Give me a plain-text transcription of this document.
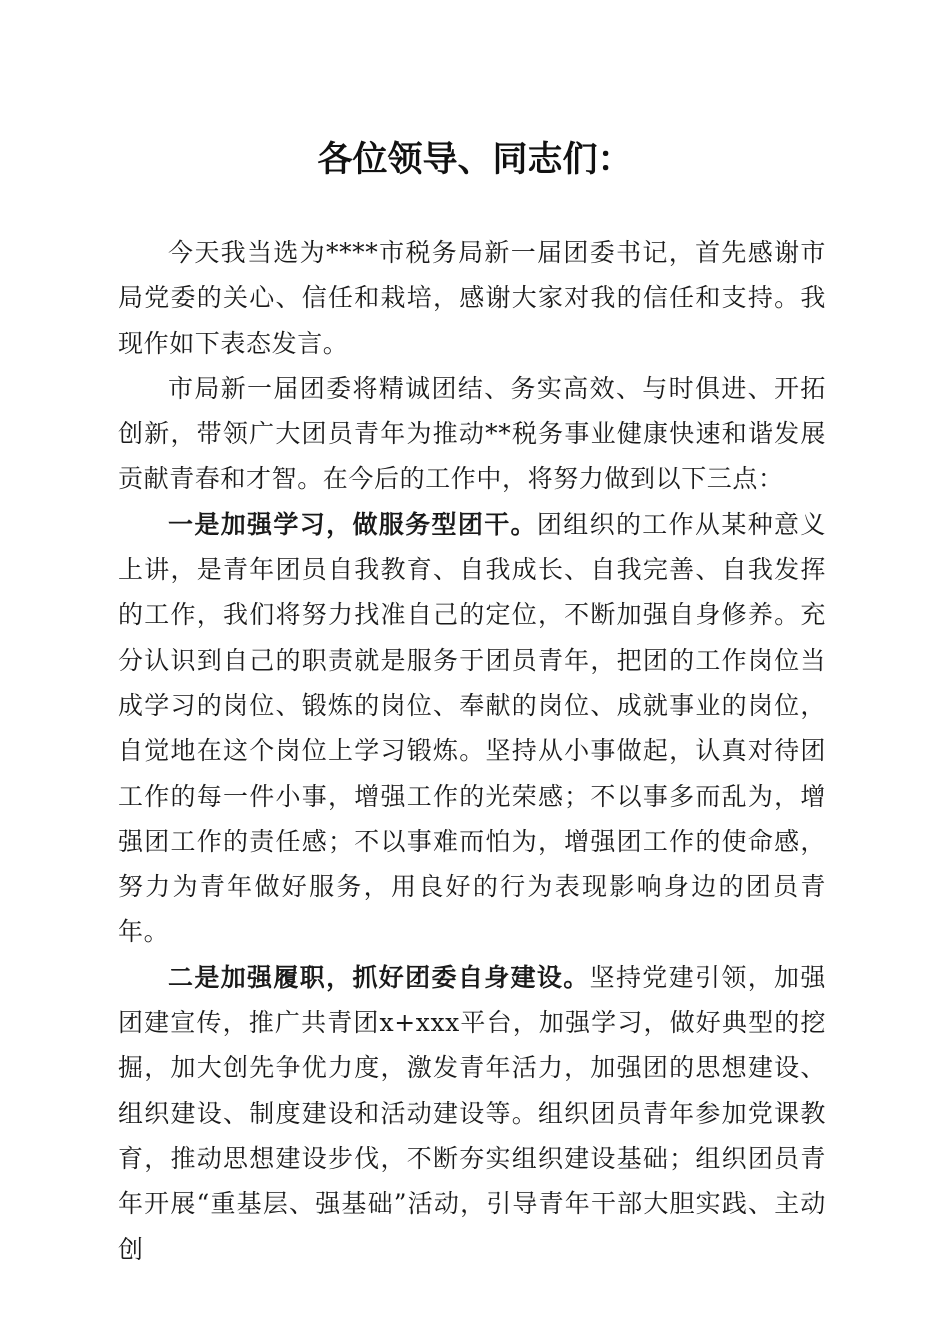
各位领导、同志们：

今天我当选为****市税务局新一届团委书记，首先感谢市局党委的关心、信任和栽培，感谢大家对我的信任和支持。我现作如下表态发言。

市局新一届团委将精诚团结、务实高效、与时俱进、开拓创新，带领广大团员青年为推动**税务事业健康快速和谐发展贡献青春和才智。在今后的工作中，将努力做到以下三点：

一是加强学习，做服务型团干。团组织的工作从某种意义上讲，是青年团员自我教育、自我成长、自我完善、自我发挥的工作，我们将努力找准自己的定位，不断加强自身修养。充分认识到自己的职责就是服务于团员青年，把团的工作岗位当成学习的岗位、锻炼的岗位、奉献的岗位、成就事业的岗位，自觉地在这个岗位上学习锻炼。坚持从小事做起，认真对待团工作的每一件小事，增强工作的光荣感；不以事多而乱为，增强团工作的责任感；不以事难而怕为，增强团工作的使命感，努力为青年做好服务，用良好的行为表现影响身边的团员青年。

二是加强履职，抓好团委自身建设。坚持党建引领，加强团建宣传，推广共青团x+xxx平台，加强学习，做好典型的挖掘，加大创先争优力度，激发青年活力，加强团的思想建设、组织建设、制度建设和活动建设等。组织团员青年参加党课教育，推动思想建设步伐，不断夯实组织建设基础；组织团员青年开展“重基层、强基础”活动，引导青年干部大胆实践、主动创
